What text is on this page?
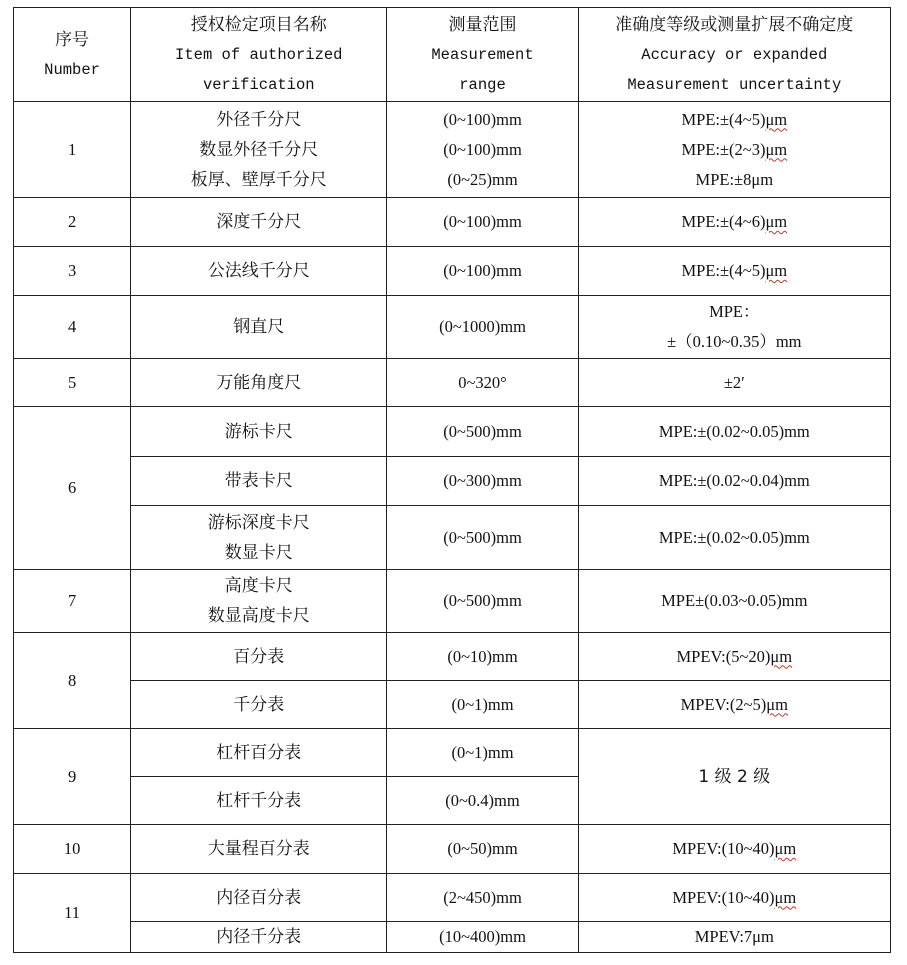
序号
Number	授权检定项目名称
Item of authorized
verification	测量范围
Measurement
range	准确度等级或测量扩展不确定度
Accuracy or expanded
Measurement uncertainty

1	外径千分尺
数显外径千分尺
板厚、壁厚千分尺	(0~100)mm
(0~100)mm
(0~25)mm	MPE:±(4~5)μm
MPE:±(2~3)μm
MPE:±8μm

2	深度千分尺	(0~100)mm	MPE:±(4~6)μm
3	公法线千分尺	(0~100)mm	MPE:±(4~5)μm
4	钢直尺	(0~1000)mm	MPE：
±（0.10~0.35）mm

5	万能角度尺	0~320°	±2′
6	游标卡尺	(0~500)mm	MPE:±(0.02~0.05)mm
	带表卡尺	(0~300)mm	MPE:±(0.02~0.04)mm

	游标深度卡尺
数显卡尺	(0~500)mm	MPE:±(0.02~0.05)mm
7	高度卡尺
数显高度卡尺	(0~500)mm	MPE±(0.03~0.05)mm
8	百分表	(0~10)mm	MPEV:(5~20)μm
	千分表	(0~1)mm	MPEV:(2~5)μm
9	杠杆百分表	(0~1)mm	1 级 2 级
	杠杆千分表	(0~0.4)mm	
10	大量程百分表	(0~50)mm	MPEV:(10~40)μm
11	内径百分表	(2~450)mm	MPEV:(10~40)μm
	内径千分表	(10~400)mm	MPEV:7μm
